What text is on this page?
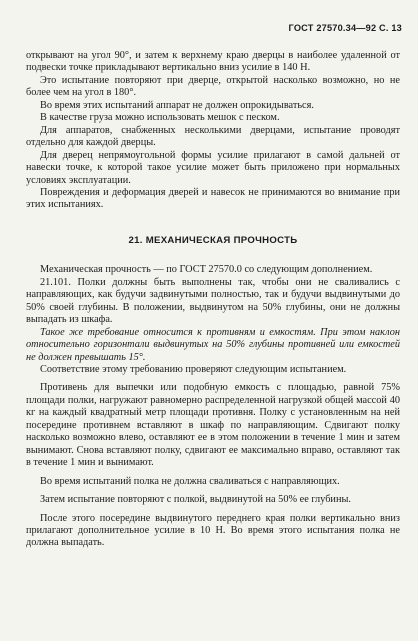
ГОСТ 27570.34—92 С. 13

открывают на угол 90°, и затем к верхнему краю дверцы в наиболее удаленной от подвески точке прикладывают вертикально вниз усилие в 140 Н.

Это испытание повторяют при дверце, открытой насколько возможно, но не более чем на угол в 180°.

Во время этих испытаний аппарат не должен опрокидываться.

В качестве груза можно использовать мешок с песком.

Для аппаратов, снабженных несколькими дверцами, испытание проводят отдельно для каждой дверцы.

Для дверец непрямоугольной формы усилие прилагают в самой дальней от навески точке, к которой такое усилие может быть приложено при нормальных условиях эксплуатации.

Повреждения и деформация дверей и навесок не принимаются во внимание при этих испытаниях.

21. МЕХАНИЧЕСКАЯ ПРОЧНОСТЬ

Механическая прочность — по ГОСТ 27570.0 со следующим дополнением.

21.101. Полки должны быть выполнены так, чтобы они не сваливались с направляющих, как будучи задвинутыми полностью, так и будучи выдвинутыми до 50% своей глубины. В положении, выдвинутом на 50% глубины, они не должны выпадать из шкафа.

Такое же требование относится к противням и емкостям. При этом наклон относительно горизонтали выдвинутых на 50% глубины противней или емкостей не должен превышать 15°.

Соответствие этому требованию проверяют следующим испытанием.

Противень для выпечки или подобную емкость с площадью, равной 75% площади полки, нагружают равномерно распределенной нагрузкой общей массой 40 кг на каждый квадратный метр площади противня. Полку с установленным на ней посередине противнем вставляют в шкаф по направляющим. Сдвигают полку насколько возможно влево, оставляют ее в этом положении в течение 1 мин и затем вынимают. Снова вставляют полку, сдвигают ее максимально вправо, оставляют так в течение 1 мин и вынимают.

Во время испытаний полка не должна сваливаться с направляющих.

Затем испытание повторяют с полкой, выдвинутой на 50% ее глубины.

После этого посередине выдвинутого переднего края полки вертикально вниз прилагают дополнительное усилие в 10 Н. Во время этого испытания полка не должна выпадать.
